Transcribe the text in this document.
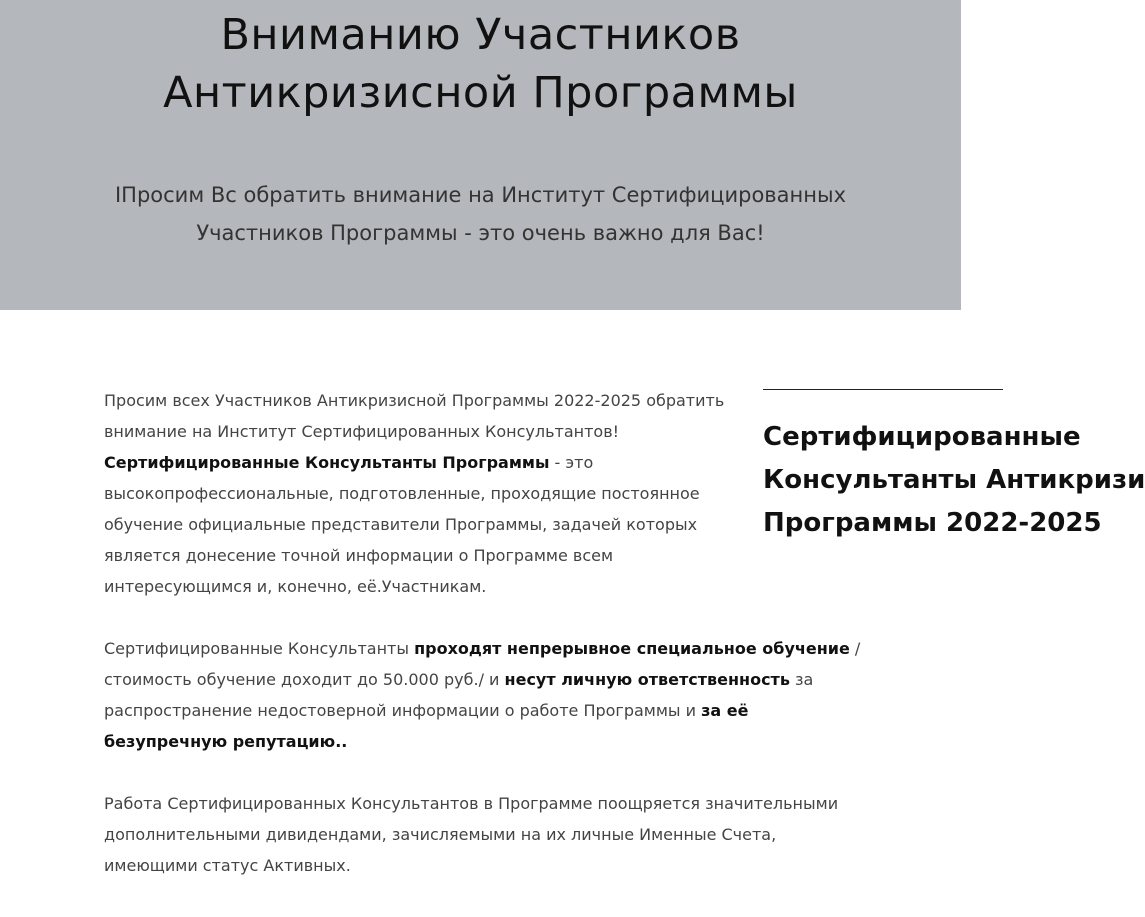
Вниманию Участников
Антикризисной Программы

IПросим Вс обратить внимание на Институт Сертифицированных
Участников Программы - это очень важно для Вас!

Сертифицированные
Консультанты Антикризи
Программы 2022-2025

Просим всех Участников Антикризисной Программы 2022-2025 обратить внимание на Институт Сертифицированных Консультантов!

Сертифицированные Консультанты Программы - это высокопрофессиональные, подготовленные, проходящие постоянное обучение официальные представители Программы, задачей которых является донесение точной информации о Программе всем интересующимся и, конечно, её.Участникам.

Сертифицированные Консультанты проходят непрерывное специальное обучение / стоимость обучение доходит до 50.000 руб./ и несут личную ответственность за распространение недостоверной информации о работе Программы и за её безупречную репутацию..

Работа Сертифицированных Консультантов в Программе поощряется значительными дополнительными дивидендами, зачисляемыми на их личные Именные Счета, имеющими статус Активных.
